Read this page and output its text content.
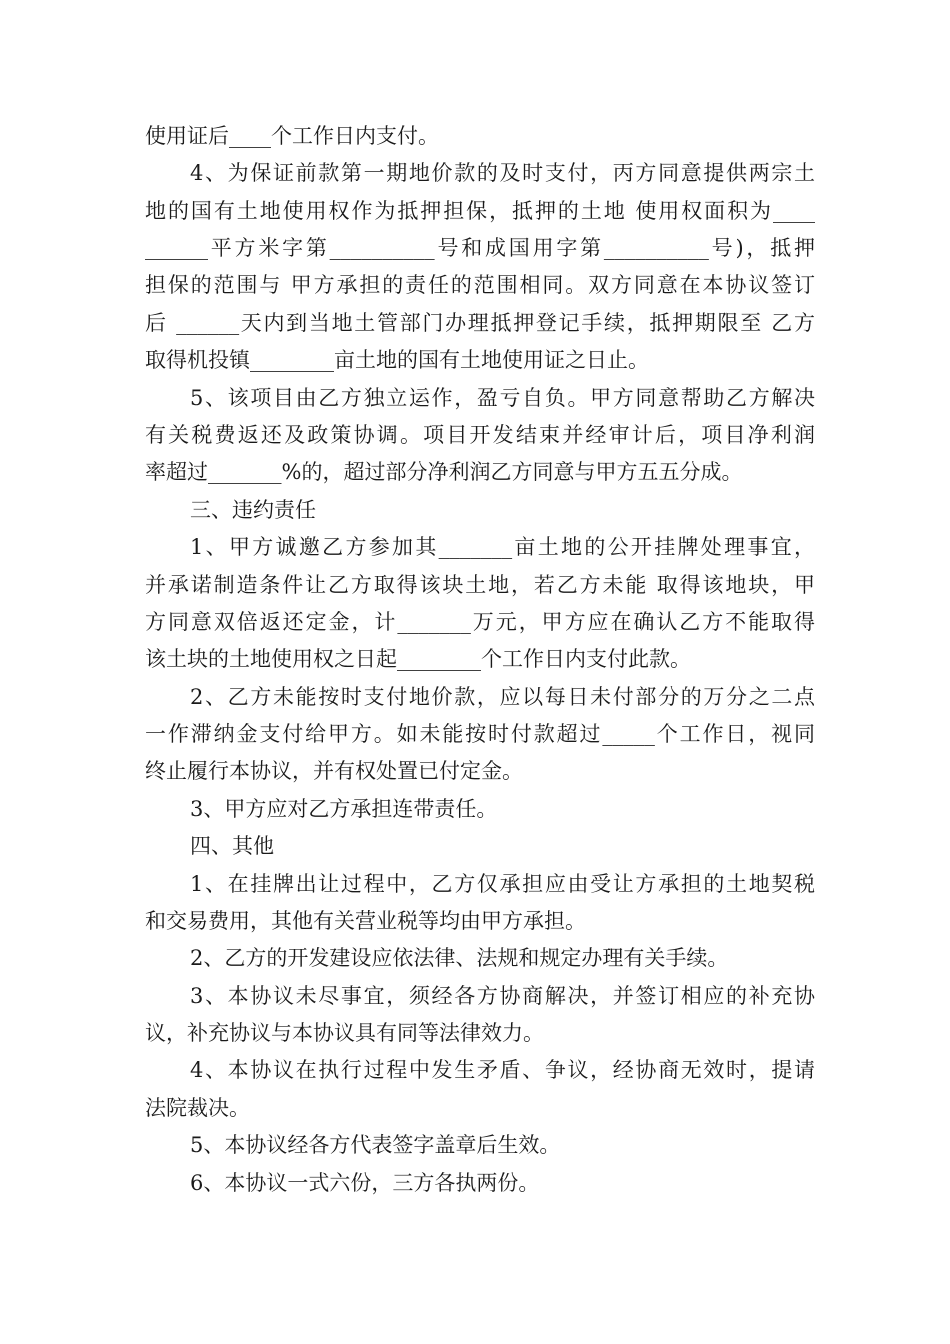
使用证后____个工作日内支付。
4、为保证前款第一期地价款的及时支付，丙方同意提供两宗土
地的国有土地使用权作为抵押担保，抵押的土地 使用权面积为____
______平方米字第__________号和成国用字第__________号)，抵押
担保的范围与 甲方承担的责任的范围相同。双方同意在本协议签订
后 ______天内到当地土管部门办理抵押登记手续，抵押期限至 乙方
取得机投镇________亩土地的国有土地使用证之日止。
5、该项目由乙方独立运作，盈亏自负。甲方同意帮助乙方解决
有关税费返还及政策协调。项目开发结束并经审计后，项目净利润
率超过_______%的，超过部分净利润乙方同意与甲方五五分成。
三、违约责任
1、甲方诚邀乙方参加其_______亩土地的公开挂牌处理事宜，
并承诺制造条件让乙方取得该块土地，若乙方未能 取得该地块，甲
方同意双倍返还定金，计_______万元，甲方应在确认乙方不能取得
该土块的土地使用权之日起________个工作日内支付此款。
2、乙方未能按时支付地价款，应以每日未付部分的万分之二点
一作滞纳金支付给甲方。如未能按时付款超过_____个工作日，视同
终止履行本协议，并有权处置已付定金。
3、甲方应对乙方承担连带责任。
四、其他
1、在挂牌出让过程中，乙方仅承担应由受让方承担的土地契税
和交易费用，其他有关营业税等均由甲方承担。
2、乙方的开发建设应依法律、法规和规定办理有关手续。
3、本协议未尽事宜，须经各方协商解决，并签订相应的补充协
议，补充协议与本协议具有同等法律效力。
4、本协议在执行过程中发生矛盾、争议，经协商无效时，提请
法院裁决。
5、本协议经各方代表签字盖章后生效。
6、本协议一式六份，三方各执两份。
